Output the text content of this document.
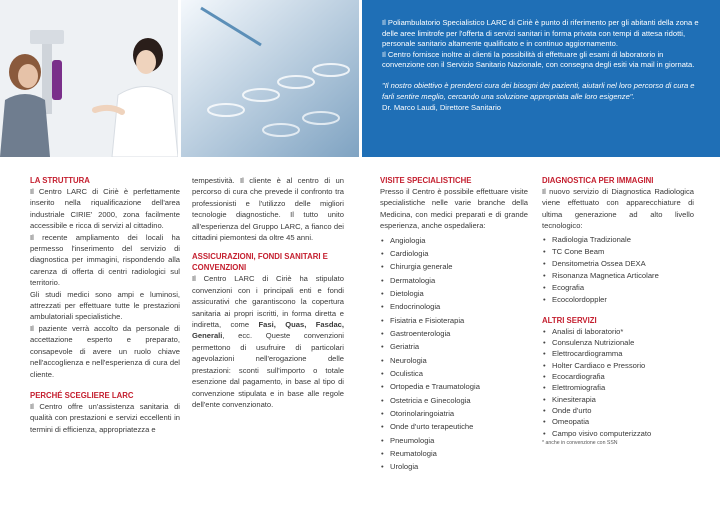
Il Poliambulatorio Specialistico LARC di Ciriè è punto di riferimento per gli abitanti della zona e delle aree limitrofe per l'offerta di servizi sanitari in forma privata con tempi di attesa ridotti, personale sanitario altamente qualificato e in continuo aggiornamento.

Il Centro fornisce inoltre ai clienti la possibilità di effettuare gli esami di laboratorio in convenzione con il Servizio Sanitario Nazionale, con consegna degli esiti via mail in giornata.

"Il nostro obiettivo è prenderci cura dei bisogni dei pazienti, aiutarli nel loro percorso di cura e farli sentire meglio, cercando una soluzione appropriata alle loro esigenze".

Dr. Marco Laudi, Direttore Sanitario

LA STRUTTURA

Il Centro LARC di Ciriè è perfettamente inserito nella riqualificazione dell'area industriale CIRIE' 2000, zona facilmente accessibile e ricca di servizi al cittadino.

Il recente ampliamento dei locali ha permesso l'inserimento del servizio di diagnostica per immagini, rispondendo alla carenza di offerta di centri radiologici sul territorio.

Gli studi medici sono ampi e luminosi, attrezzati per effettuare tutte le prestazioni ambulatoriali specialistiche.

Il paziente verrà accolto da personale di accettazione esperto e preparato, consapevole di avere un ruolo chiave nell'accoglienza e nell'esperienza di cura del cliente.

PERCHÉ SCEGLIERE LARC

Il Centro offre un'assistenza sanitaria di qualità con prestazioni e servizi eccellenti in termini di efficienza, appropriatezza e

tempestività. Il cliente è al centro di un percorso di cura che prevede il confronto tra professionisti e l'utilizzo delle migliori tecnologie diagnostiche. Il tutto unito all'esperienza del Gruppo LARC, a fianco dei cittadini piemontesi da oltre 45 anni.

ASSICURAZIONI, FONDI SANITARI E CONVENZIONI

Il Centro LARC di Ciriè ha stipulato convenzioni con i principali enti e fondi assicurativi che garantiscono la copertura sanitaria ai propri iscritti, in forma diretta e indiretta, come Fasi, Quas, Fasdac, Generali, ecc. Queste convenzioni permettono di usufruire di particolari agevolazioni nell'erogazione delle prestazioni: sconti sull'importo o totale esenzione dal pagamento, in base al tipo di convenzione stipulata e in base alle regole dell'ente convenzionato.

VISITE SPECIALISTICHE

Presso il Centro è possibile effettuare visite specialistiche nelle varie branche della Medicina, con medici preparati e di grande esperienza, anche ospedaliera:

• Angiologia
• Cardiologia
• Chirurgia generale
• Dermatologia
• Dietologia
• Endocrinologia
• Fisiatria e Fisioterapia
• Gastroenterologia
• Geriatria
• Neurologia
• Oculistica
• Ortopedia e Traumatologia
• Ostetricia e Ginecologia
• Otorinolaringoiatria
• Onde d'urto terapeutiche
• Pneumologia
• Reumatologia
• Urologia
DIAGNOSTICA PER IMMAGINI

Il nuovo servizio di Diagnostica Radiologica viene effettuato con apparecchiature di ultima generazione ad alto livello tecnologico:

• Radiologia Tradizionale
• TC Cone Beam
• Densitometria Ossea DEXA
• Risonanza Magnetica Articolare
• Ecografia
• Ecocolordoppler
ALTRI SERVIZI
• Analisi di laboratorio*
• Consulenza Nutrizionale
• Elettrocardiogramma
• Holter Cardiaco e Pressorio
• Ecocardiografia
• Elettromiografia
• Kinesiterapia
• Onde d'urto
• Omeopatia
• Campo visivo computerizzato

* anche in convenzione con SSN
